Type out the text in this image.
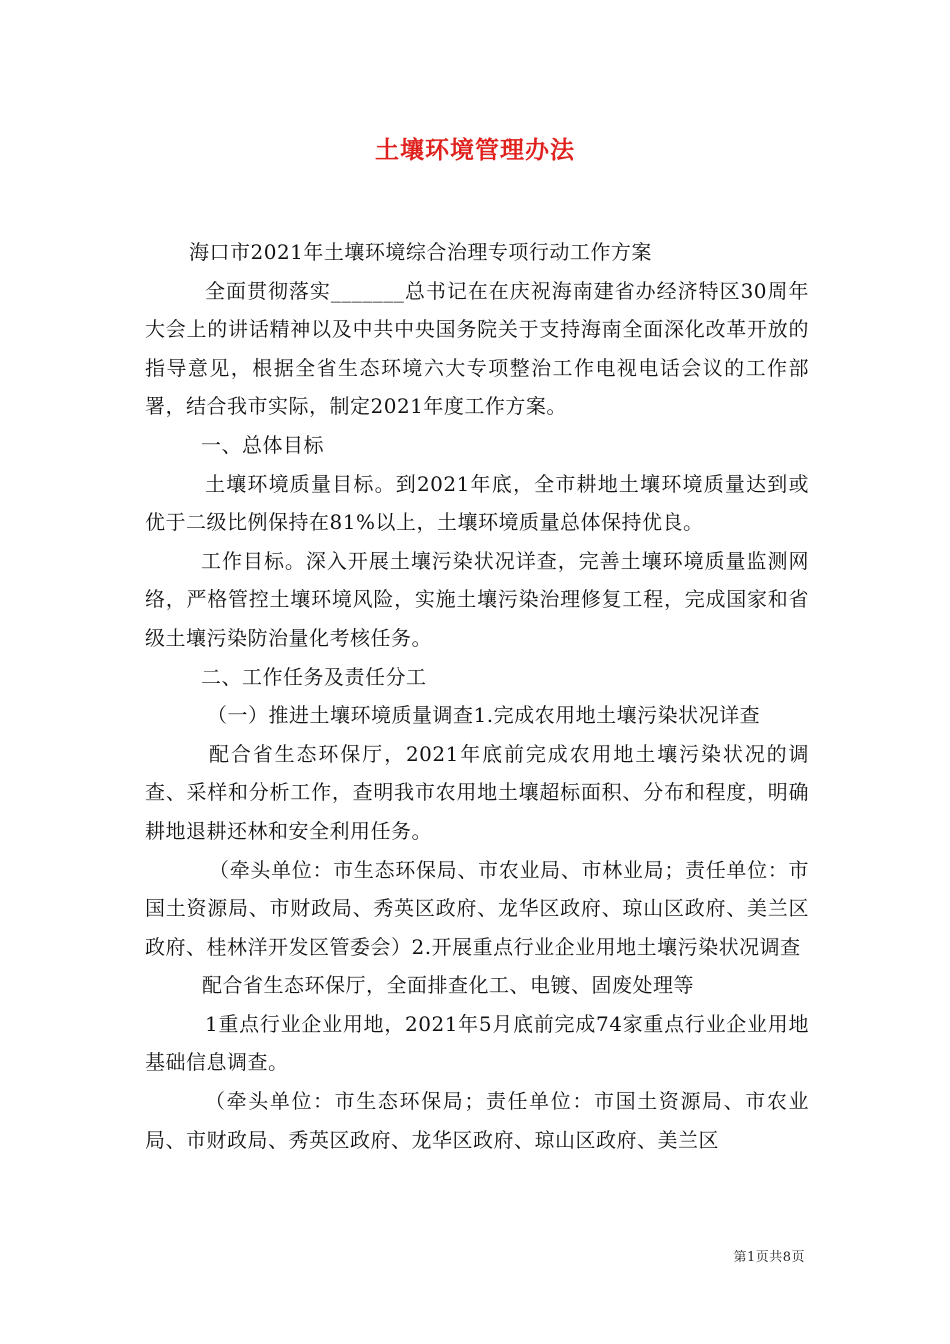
土壤环境管理办法

海口市2021年土壤环境综合治理专项行动工作方案

全面贯彻落实_______总书记在在庆祝海南建省办经济特区30周年大会上的讲话精神以及中共中央国务院关于支持海南全面深化改革开放的指导意见，根据全省生态环境六大专项整治工作电视电话会议的工作部署，结合我市实际，制定2021年度工作方案。

一、总体目标

土壤环境质量目标。到2021年底，全市耕地土壤环境质量达到或优于二级比例保持在81%以上，土壤环境质量总体保持优良。

工作目标。深入开展土壤污染状况详查，完善土壤环境质量监测网络，严格管控土壤环境风险，实施土壤污染治理修复工程，完成国家和省级土壤污染防治量化考核任务。

二、工作任务及责任分工

（一）推进土壤环境质量调查1.完成农用地土壤污染状况详查

配合省生态环保厅，2021年底前完成农用地土壤污染状况的调查、采样和分析工作，查明我市农用地土壤超标面积、分布和程度，明确耕地退耕还林和安全利用任务。

（牵头单位：市生态环保局、市农业局、市林业局；责任单位：市国土资源局、市财政局、秀英区政府、龙华区政府、琼山区政府、美兰区政府、桂林洋开发区管委会）2.开展重点行业企业用地土壤污染状况调查

配合省生态环保厅，全面排查化工、电镀、固废处理等

1重点行业企业用地，2021年5月底前完成74家重点行业企业用地基础信息调查。

（牵头单位：市生态环保局；责任单位：市国土资源局、市农业局、市财政局、秀英区政府、龙华区政府、琼山区政府、美兰区

第1页共8页
